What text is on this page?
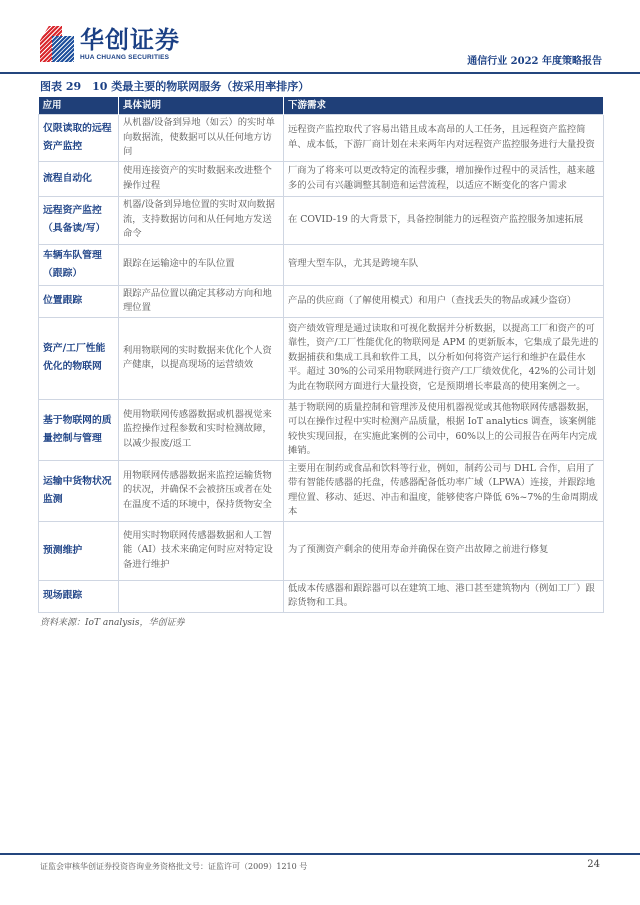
华创证券
HUA CHUANG SECURITIES	通信行业 2022 年度策略报告
图表 29　10 类最主要的物联网服务（按采用率排序）
应用	具体说明	下游需求
仅限读取的远程资产监控	从机器/设备到异地（如云）的实时单向数据流，使数据可以从任何地方访问	远程资产监控取代了容易出错且成本高昂的人工任务，且远程资产监控简单、成本低，下游厂商计划在未来两年内对远程资产监控服务进行大量投资
流程自动化	使用连接资产的实时数据来改进整个操作过程	厂商为了将来可以更改特定的流程步骤，增加操作过程中的灵活性，越来越多的公司有兴趣调整其制造和运营流程，以适应不断变化的客户需求
远程资产监控（具备读/写）	机器/设备到异地位置的实时双向数据流，支持数据访问和从任何地方发送命令	在 COVID-19 的大背景下，具备控制能力的远程资产监控服务加速拓展
车辆车队管理（跟踪）	跟踪在运输途中的车队位置	管理大型车队，尤其是跨境车队
位置跟踪	跟踪产品位置以确定其移动方向和地理位置	产品的供应商（了解使用模式）和用户（查找丢失的物品或减少盗窃）
资产/工厂性能优化的物联网	利用物联网的实时数据来优化个人资产健康，以提高现场的运营绩效	资产绩效管理是通过读取和可视化数据并分析数据，以提高工厂和资产的可靠性，资产/工厂性能优化的物联网是 APM 的更新版本，它集成了最先进的数据捕获和集成工具和软件工具，以分析如何将资产运行和维护在最佳水平。超过 30%的公司采用物联网进行资产/工厂绩效优化，42%的公司计划为此在物联网方面进行大量投资，它是预期增长率最高的使用案例之一。
基于物联网的质量控制与管理	使用物联网传感器数据或机器视觉来监控操作过程参数和实时检测故障，以减少报废/返工	基于物联网的质量控制和管理涉及使用机器视觉或其他物联网传感器数据，可以在操作过程中实时检测产品质量，根据 IoT analytics 调查，该案例能较快实现回报，在实施此案例的公司中，60%以上的公司报告在两年内完成摊销。
运输中货物状况监测	用物联网传感器数据来监控运输货物的状况，并确保不会被挤压或者在处在温度不适的环境中，保持货物安全	主要用在制药或食品和饮料等行业，例如，制药公司与 DHL 合作，启用了带有智能传感器的托盘，传感器配备低功率广域（LPWA）连接，并跟踪地理位置、移动、延迟、冲击和温度，能够使客户降低 6%~7%的生命周期成本
预测维护	使用实时物联网传感器数据和人工智能（AI）技术来确定何时应对特定设备进行维护	为了预测资产剩余的使用寿命并确保在资产出故障之前进行修复
现场跟踪		低成本传感器和跟踪器可以在建筑工地、港口甚至建筑物内（例如工厂）跟踪货物和工具。
资料来源：IoT analysis，华创证券
证监会审核华创证券投资咨询业务资格批文号：证监许可（2009）1210 号	24
